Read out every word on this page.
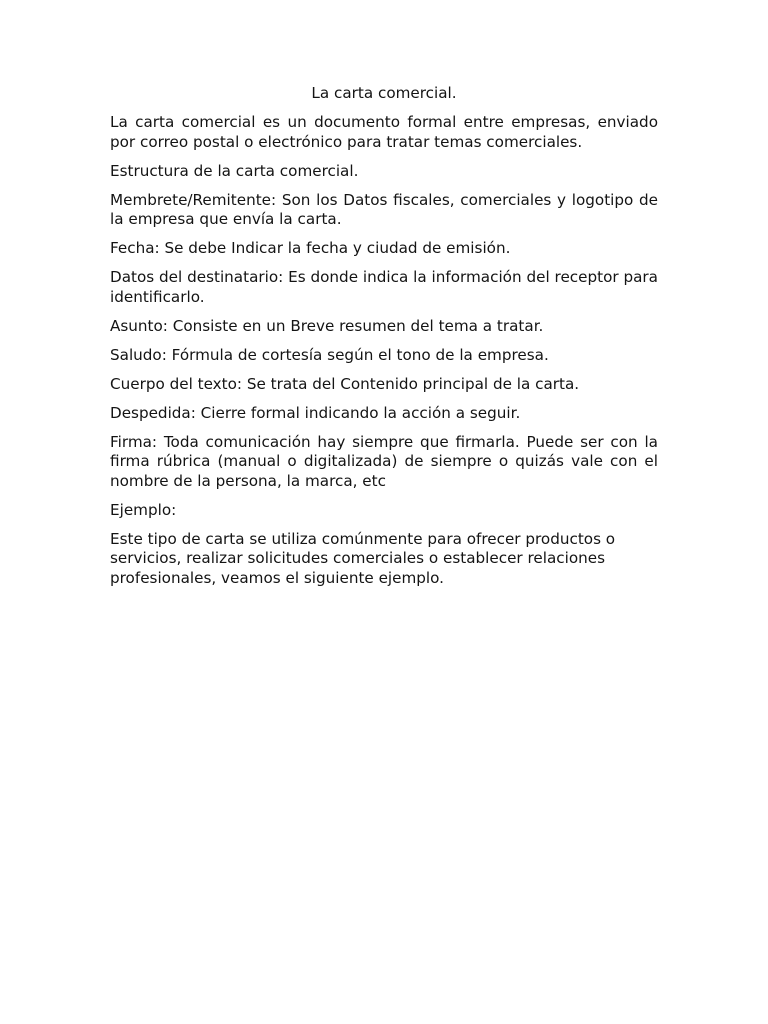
La carta comercial.

La carta comercial es un documento formal entre empresas, enviado por correo postal o electrónico para tratar temas comerciales.

Estructura de la carta comercial.

Membrete/Remitente: Son los Datos fiscales, comerciales y logotipo de la empresa que envía la carta.

Fecha: Se debe Indicar la fecha y ciudad de emisión.

Datos del destinatario: Es donde indica la información del receptor para identificarlo.

Asunto: Consiste en un Breve resumen del tema a tratar.

Saludo: Fórmula de cortesía según el tono de la empresa.

Cuerpo del texto: Se trata del Contenido principal de la carta.

Despedida: Cierre formal indicando la acción a seguir.

Firma: Toda comunicación hay siempre que firmarla. Puede ser con la firma rúbrica (manual o digitalizada) de siempre o quizás vale con el nombre de la persona, la marca, etc

Ejemplo:

Este tipo de carta se utiliza comúnmente para ofrecer productos o servicios, realizar solicitudes comerciales o establecer relaciones profesionales, veamos el siguiente ejemplo.
